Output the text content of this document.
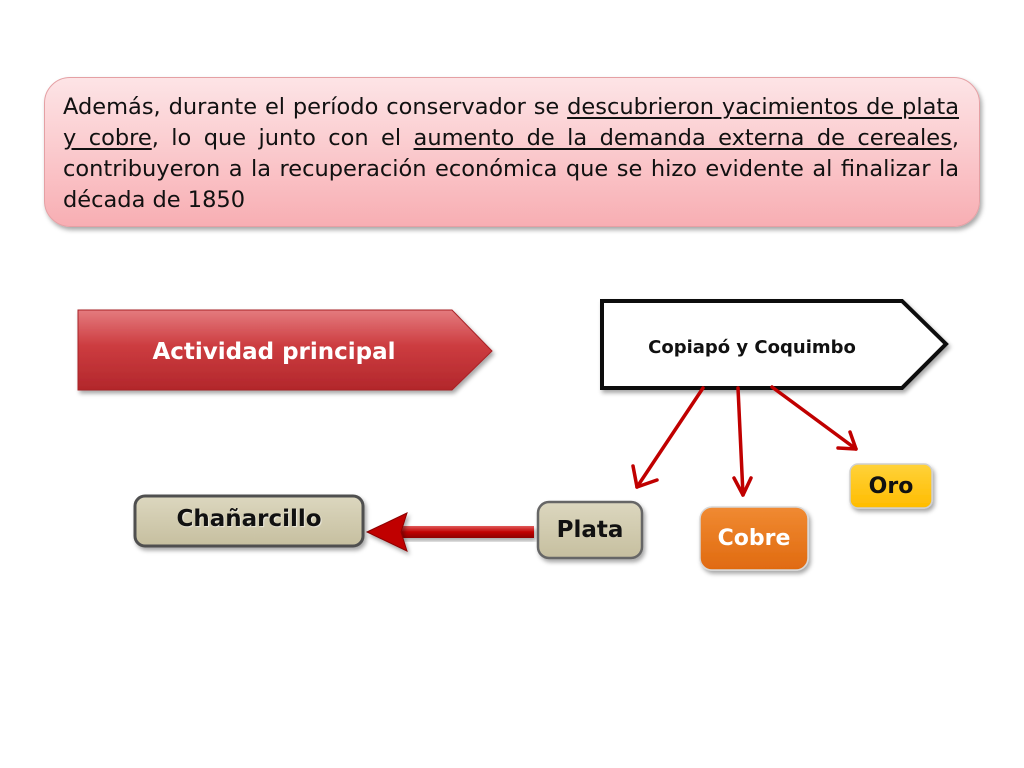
Además, durante el período conservador se descubrieron yacimientos de plata y cobre, lo que junto con el aumento de la demanda externa de cereales, contribuyeron a la recuperación económica que se hizo evidente al finalizar la década de 1850

Actividad principal	Copiapó y Coquimbo
Chañarcillo	Plata	Cobre
Oro
